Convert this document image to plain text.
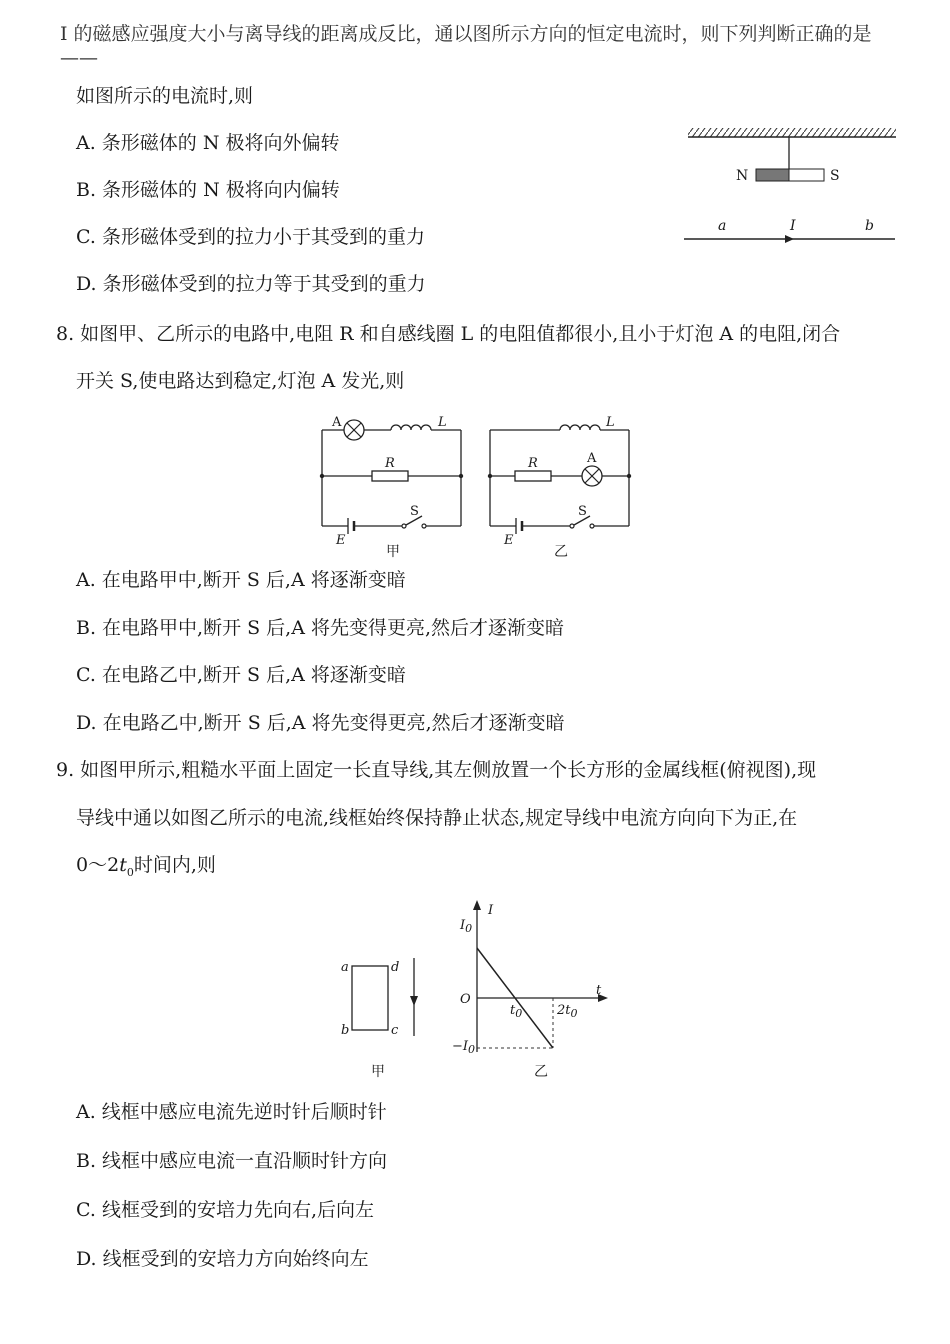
I 的磁感应强度大小与离导线的距离成反比，通以图所示方向的恒定电流时，则下列判断正确的是——
如图所示的电流时,则
A. 条形磁体的 N 极将向外偏转
B. 条形磁体的 N 极将向内偏转
C. 条形磁体受到的拉力小于其受到的重力
D. 条形磁体受到的拉力等于其受到的重力
N	S
a	I	b
8. 如图甲、乙所示的电路中,电阻 R 和自感线圈 L 的电阻值都很小,且小于灯泡 A 的电阻,闭合
开关 S,使电路达到稳定,灯泡 A 发光,则
A	L
R
S
E
甲
L
R	A
S
E
乙
A. 在电路甲中,断开 S 后,A 将逐渐变暗
B. 在电路甲中,断开 S 后,A 将先变得更亮,然后才逐渐变暗
C. 在电路乙中,断开 S 后,A 将逐渐变暗
D. 在电路乙中,断开 S 后,A 将先变得更亮,然后才逐渐变暗
9. 如图甲所示,粗糙水平面上固定一长直导线,其左侧放置一个长方形的金属线框(俯视图),现
导线中通以如图乙所示的电流,线框始终保持静止状态,规定导线中电流方向向下为正,在
$0\sim 2t_0$时间内,则
a	d
b	c
甲
I
t
O
$I_0$
$-I_0$
$t_0$	$2t_0$
乙
A. 线框中感应电流先逆时针后顺时针
B. 线框中感应电流一直沿顺时针方向
C. 线框受到的安培力先向右,后向左
D. 线框受到的安培力方向始终向左
